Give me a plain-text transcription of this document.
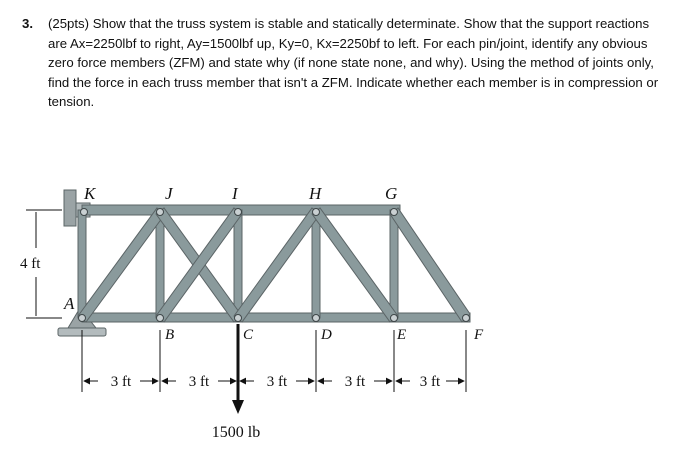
3. (25pts) Show that the truss system is stable and statically determinate. Show that the support reactions are Ax=2250lbf to right, Ay=1500lbf up, Ky=0, Kx=2250bf to left. For each pin/joint, identify any obvious zero force members (ZFM) and state why (if none state none, and why). Using the method of joints only, find the force in each truss member that isn't a ZFM. Indicate whether each member is in compression or tension.
K	J	I	H	G
A
B	C	D	E	F
4 ft
3 ft	3 ft	3 ft	3 ft	3 ft
1500 lb
